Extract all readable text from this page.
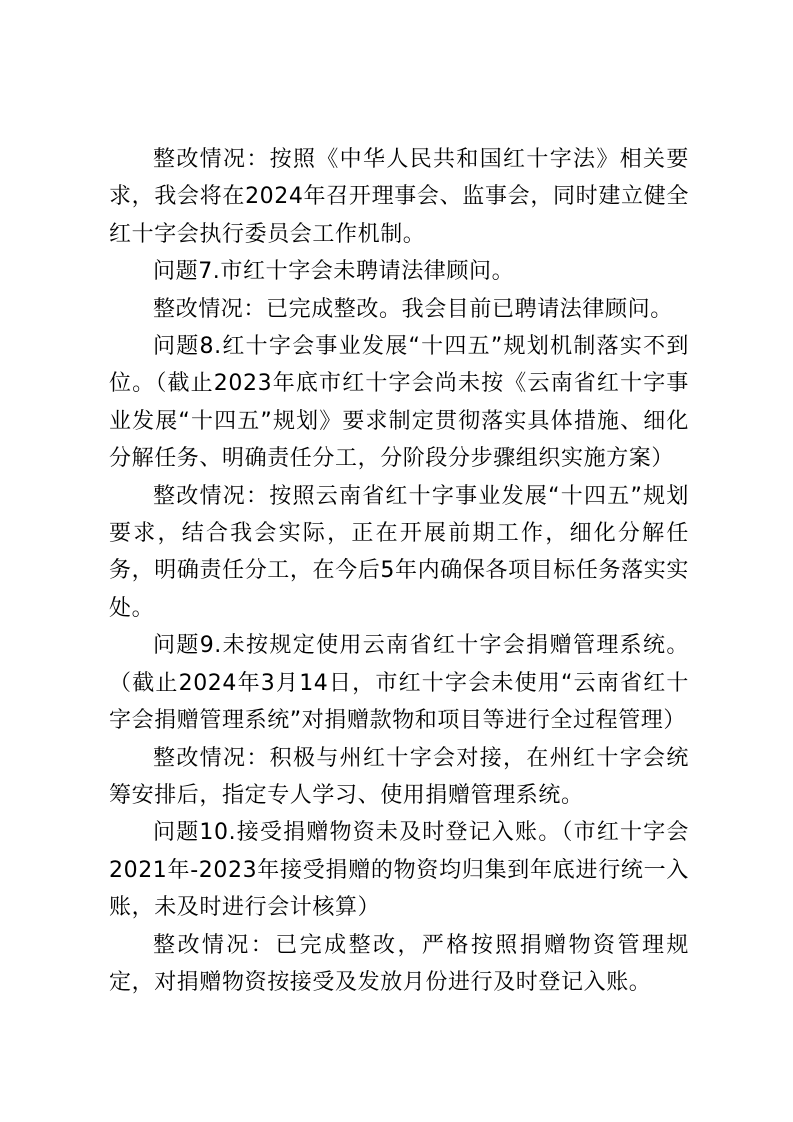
整改情况：按照《中华人民共和国红十字法》相关要求，我会将在2024年召开理事会、监事会，同时建立健全红十字会执行委员会工作机制。

问题7.市红十字会未聘请法律顾问。

整改情况：已完成整改。我会目前已聘请法律顾问。

问题8.红十字会事业发展“十四五”规划机制落实不到位。（截止2023年底市红十字会尚未按《云南省红十字事业发展“十四五”规划》要求制定贯彻落实具体措施、细化分解任务、明确责任分工，分阶段分步骤组织实施方案）

整改情况：按照云南省红十字事业发展“十四五”规划要求，结合我会实际，正在开展前期工作，细化分解任务，明确责任分工，在今后5年内确保各项目标任务落实实处。

问题9.未按规定使用云南省红十字会捐赠管理系统。（截止2024年3月14日，市红十字会未使用“云南省红十字会捐赠管理系统”对捐赠款物和项目等进行全过程管理）

整改情况：积极与州红十字会对接，在州红十字会统筹安排后，指定专人学习、使用捐赠管理系统。

问题10.接受捐赠物资未及时登记入账。（市红十字会2021年-2023年接受捐赠的物资均归集到年底进行统一入账，未及时进行会计核算）

整改情况：已完成整改，严格按照捐赠物资管理规定，对捐赠物资按接受及发放月份进行及时登记入账。
